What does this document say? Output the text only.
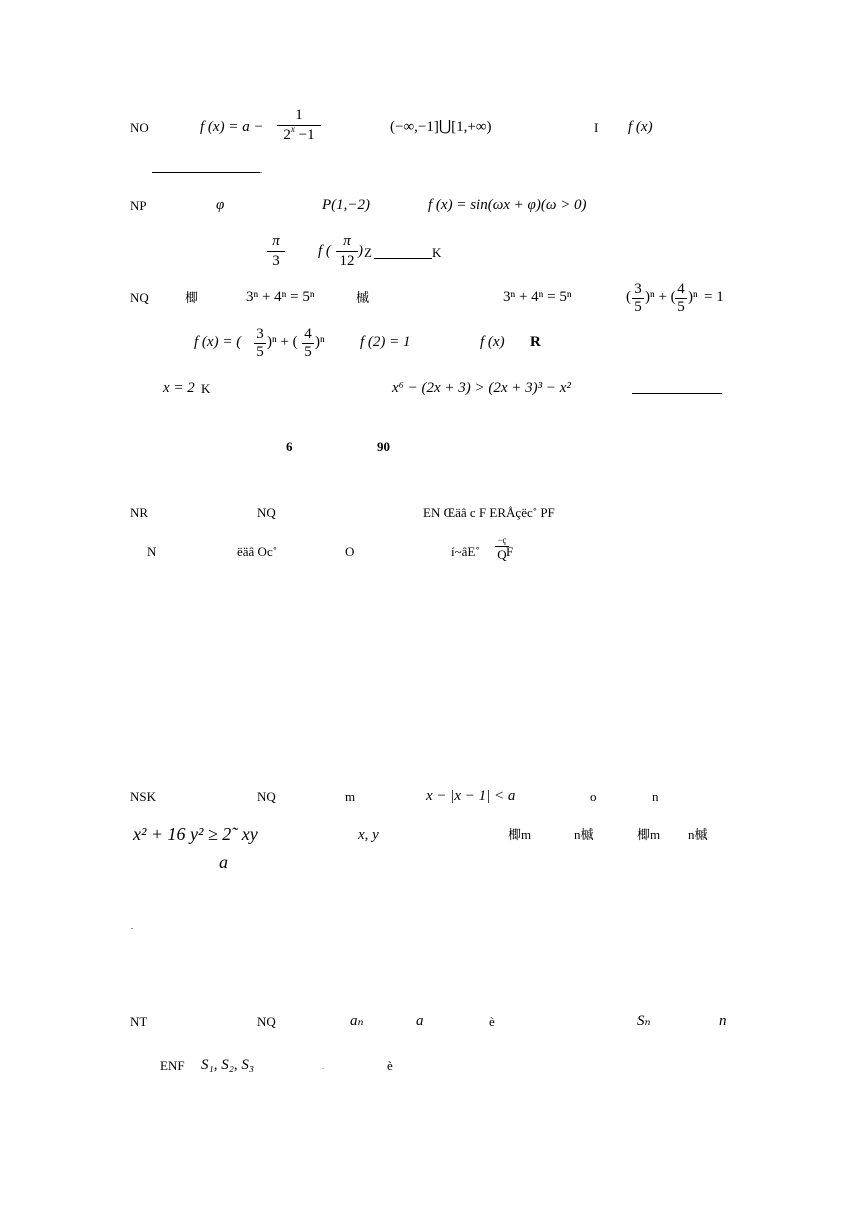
NO	f (x) = a −
1
$2^x -1$	(−∞,−1]⋃[1,+∞)	I f (x)
NP	φ	P(1,−2)	f (x) = sin(ωx + φ)(ω > 0)
π
3
f (
π
12
) Z	K
NQ	楖	3ⁿ + 4ⁿ = 5ⁿ	槭	3ⁿ + 4ⁿ = 5ⁿ	( 3
5
)ⁿ + ( 4
5
)ⁿ = 1
f (x) = ( 3
5
)ⁿ + ( 4
5
)ⁿ f (2) = 1	f (x) R
x = 2 K	x⁶ − (2x + 3) > (2x + 3)³ − x²
6	90
NR	NQ	EN Œäâ c F ERÅçëc˚ PF
N	ëäâ Oc˚	O	í~âE˚
−ç
Q F
NSK	NQ	m	x − |x − 1| < a	o	n
x² + 16 y² ≥ 2˜ xy	x, y	楖m	n槭	楖m n槭
a
NT	NQ	aₙ	a	è	Sₙ	n
ENF S₁, S₂, S₃	.	è
